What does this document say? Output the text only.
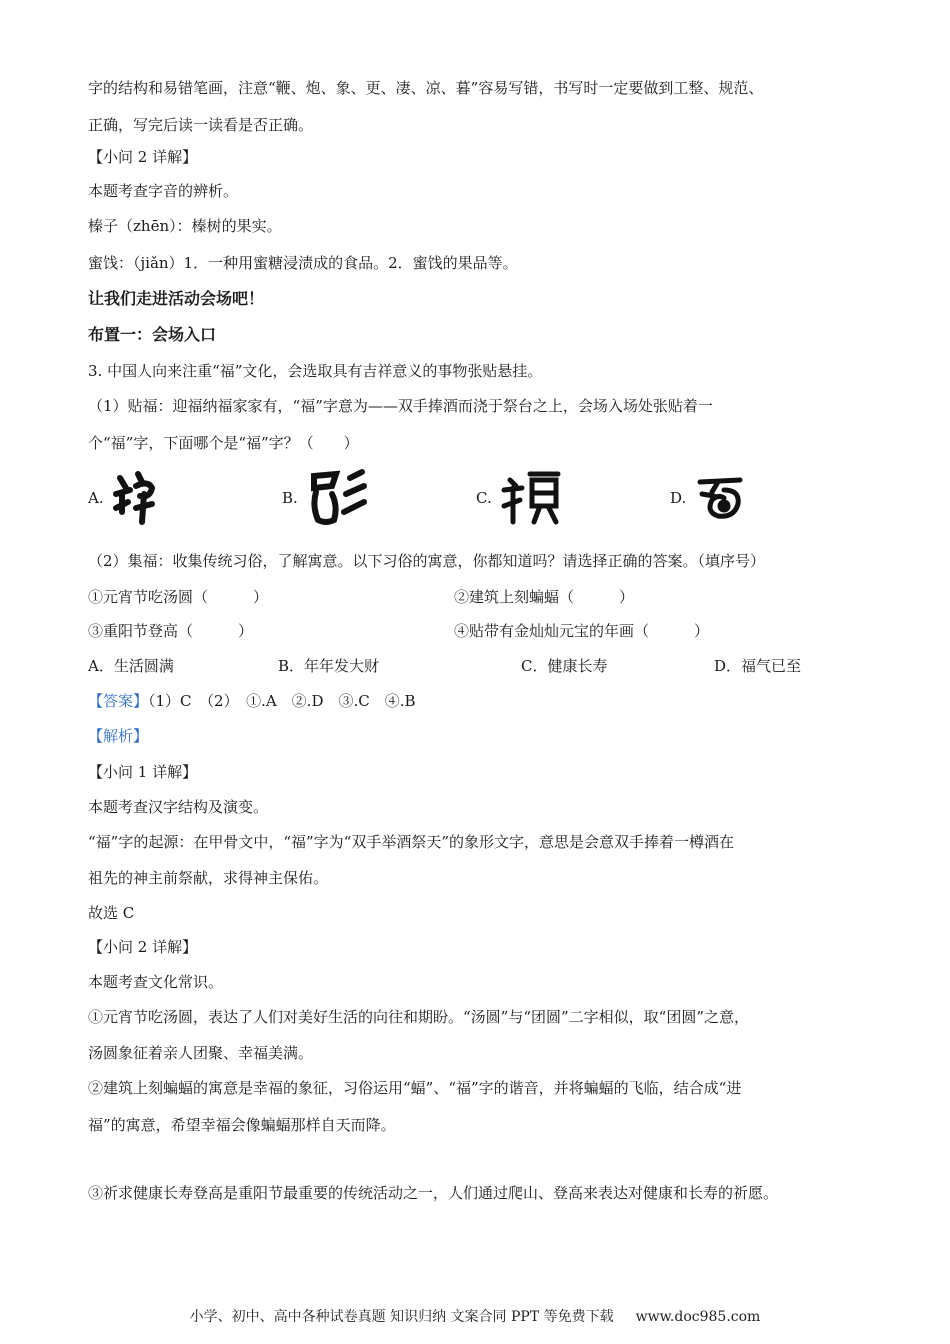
字的结构和易错笔画，注意“鞭、炮、象、更、凄、凉、暮”容易写错，书写时一定要做到工整、规范、
正确，写完后读一读看是否正确。
【小问 2 详解】
本题考查字音的辨析。
榛子（zhēn）：榛树的果实。
蜜饯：（jiǎn）1．一种用蜜糖浸渍成的食品。2．蜜饯的果品等。
让我们走进活动会场吧！
布置一：会场入口
3. 中国人向来注重“福”文化，会选取具有吉祥意义的事物张贴悬挂。
（1）贴福：迎福纳福家家有，“福”字意为——双手捧酒而浇于祭台之上，会场入场处张贴着一
个“福”字，下面哪个是“福”字？（　　）
A.	B.	C.	D.
（2）集福：收集传统习俗，了解寓意。以下习俗的寓意，你都知道吗？请选择正确的答案。（填序号）
①元宵节吃汤圆（　　　）	②建筑上刻蝙蝠（　　　）
③重阳节登高（　　　）	④贴带有金灿灿元宝的年画（　　　）
A．生活圆满	B．年年发大财	C．健康长寿	D．福气已至
【答案】（1）C　（2）　①.A　②.D　③.C　④.B
【解析】
【小问 1 详解】
本题考查汉字结构及演变。
“福”字的起源：在甲骨文中，“福”字为“双手举酒祭天”的象形文字，意思是会意双手捧着一樽酒在
祖先的神主前祭献，求得神主保佑。
故选 C
【小问 2 详解】
本题考查文化常识。
①元宵节吃汤圆，表达了人们对美好生活的向往和期盼。“汤圆”与“团圆”二字相似，取“团圆”之意，
汤圆象征着亲人团聚、幸福美满。
②建筑上刻蝙蝠的寓意是幸福的象征，习俗运用“蝠”、“福”字的谐音，并将蝙蝠的飞临，结合成“进
福”的寓意，希望幸福会像蝙蝠那样自天而降。
③祈求健康长寿登高是重阳节最重要的传统活动之一，人们通过爬山、登高来表达对健康和长寿的祈愿。
小学、初中、高中各种试卷真题 知识归纳 文案合同 PPT 等免费下载 www.doc985.com
